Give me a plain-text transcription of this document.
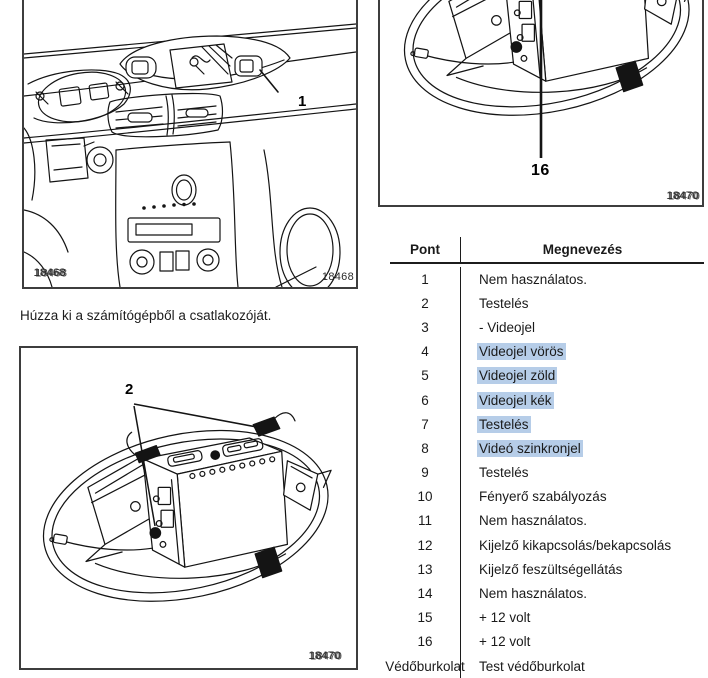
1
18468	18468

Húzza ki a számítógépből a csatlakozóját.

2
18470
16
18470
Pont	Megnevezés
1	Nem használatos.
2	Testelés
3	- Videojel
4	Videojel vörös
5	Videojel zöld
6	Videojel kék
7	Testelés
8	Videó szinkronjel
9	Testelés
10	Fényerő szabályozás
11	Nem használatos.
12	Kijelző kikapcsolás/bekapcsolás
13	Kijelző feszültségellátás
14	Nem használatos.
15	+ 12 volt
16	+ 12 volt
Védőburkolat	Test védőburkolat
